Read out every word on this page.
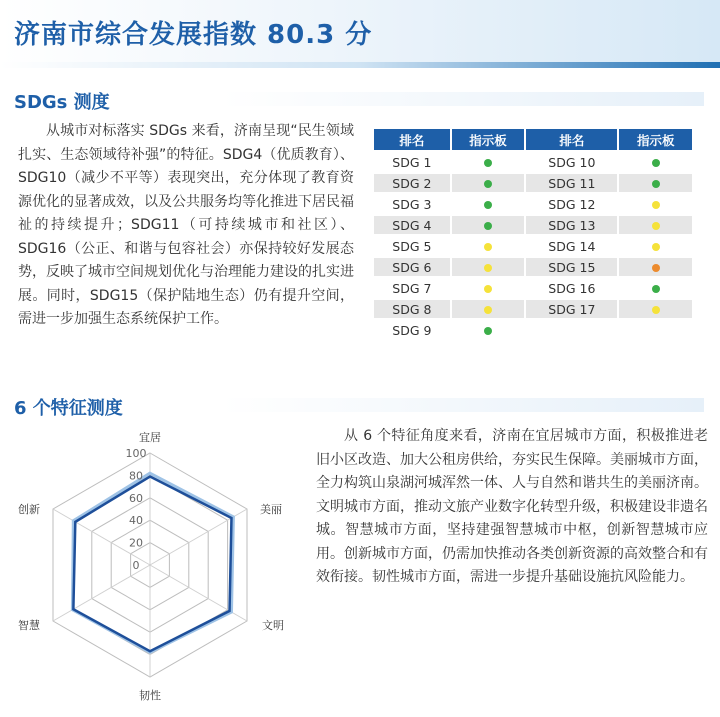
济南市综合发展指数 80.3 分
SDGs 测度
从城市对标落实 SDGs 来看，济南呈现“民生领域扎实、生态领域待补强”的特征。SDG4（优质教育）、SDG10（减少不平等）表现突出，充分体现了教育资源优化的显著成效，以及公共服务均等化推进下居民福祉的持续提升；SDG11（可持续城市和社区）、SDG16（公正、和谐与包容社会）亦保持较好发展态势，反映了城市空间规划优化与治理能力建设的扎实进展。同时，SDG15（保护陆地生态）仍有提升空间，需进一步加强生态系统保护工作。
排名	指示板	排名	指示板
SDG 1		SDG 10	
SDG 2		SDG 11	
SDG 3		SDG 12	
SDG 4		SDG 13	
SDG 5		SDG 14	
SDG 6		SDG 15	
SDG 7		SDG 16	
SDG 8		SDG 17	
SDG 9			
6 个特征测度
0
20
40
60
80
100
宜居
美丽
文明
韧性
智慧
创新
从 6 个特征角度来看，济南在宜居城市方面，积极推进老旧小区改造、加大公租房供给，夯实民生保障。美丽城市方面，全力构筑山泉湖河城浑然一体、人与自然和谐共生的美丽济南。文明城市方面，推动文旅产业数字化转型升级，积极建设非遗名城。智慧城市方面，坚持建强智慧城市中枢，创新智慧城市应用。创新城市方面，仍需加快推动各类创新资源的高效整合和有效衔接。韧性城市方面，需进一步提升基础设施抗风险能力。
